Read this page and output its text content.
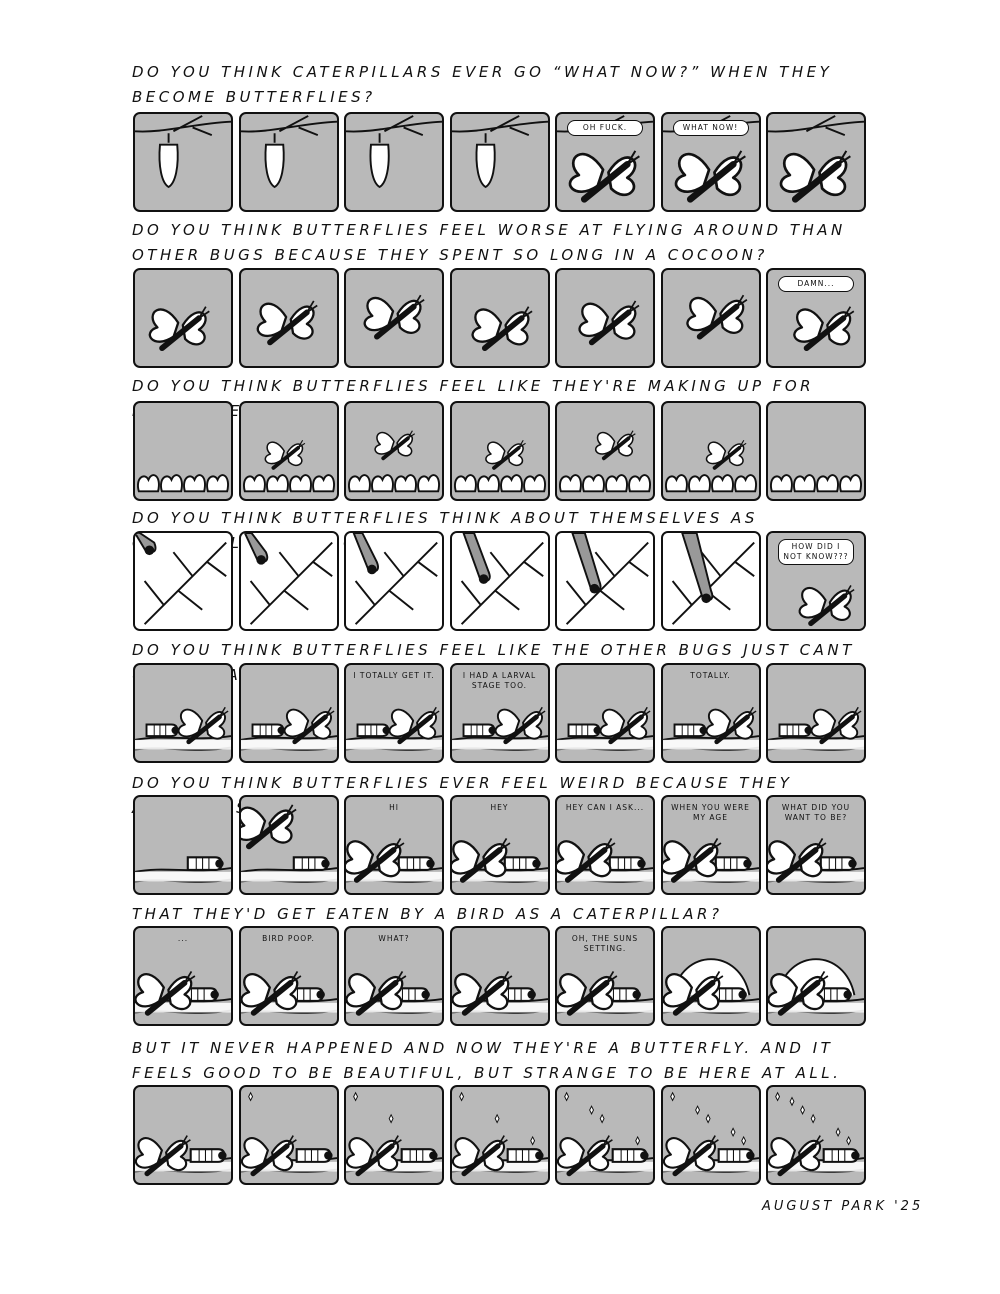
DO YOU THINK CATERPILLARS EVER GO “WHAT NOW?” WHEN THEY BECOME BUTTERFLIES?
OH FUCK.	WHAT NOW!
DO YOU THINK BUTTERFLIES FEEL WORSE AT FLYING AROUND THAN OTHER BUGS BECAUSE THEY SPENT SO LONG IN A COCOON?
DAMN...
DO YOU THINK BUTTERFLIES FEEL LIKE THEY'RE MAKING UP FOR
DO YOU THINK BUTTERFLIES THINK ABOUT THEMSELVES AS
HOW DID I NOT KNOW???
DO YOU THINK BUTTERFLIES FEEL LIKE THE OTHER BUGS JUST CANT
I TOTALLY GET IT.	I HAD A LARVAL STAGE TOO.
TOTALLY.
DO YOU THINK BUTTERFLIES EVER FEEL WEIRD BECAUSE THEY
HI	HEY	HEY CAN I ASK...	WHEN YOU WERE MY AGE
WHAT DID YOU WANT TO BE?
THAT THEY'D GET EATEN BY A BIRD AS A CATERPILLAR?
...	BIRD POOP.	WHAT?	OH, THE SUNS SETTING.
BUT IT NEVER HAPPENED AND NOW THEY'RE A BUTTERFLY. AND IT FEELS GOOD TO BE BEAUTIFUL, BUT STRANGE TO BE HERE AT ALL.
AUGUST PARK '25
